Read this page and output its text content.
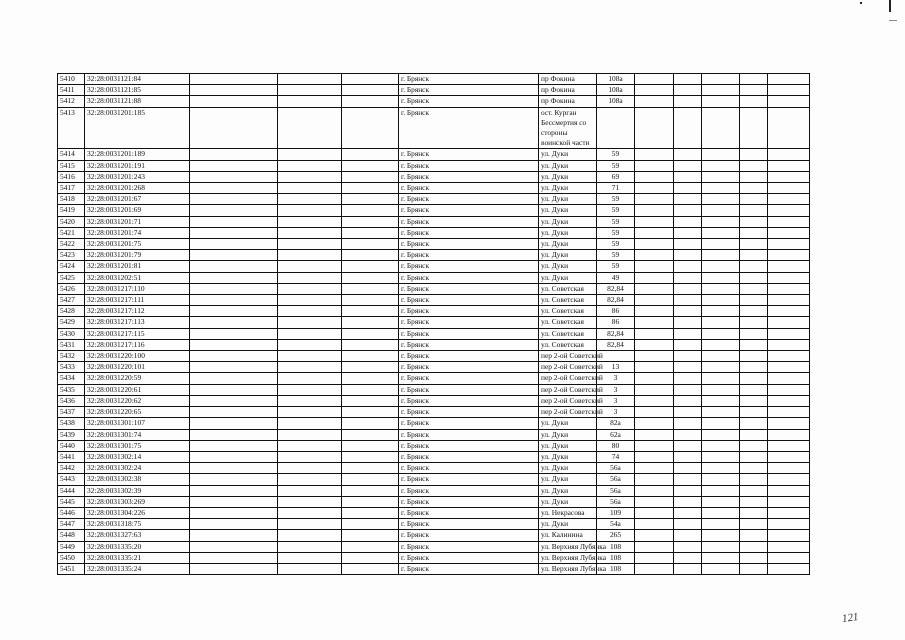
5410	32:28:0031121:84				г. Брянск	пр Фокина	108а					
5411	32:28:0031121:85				г. Брянск	пр Фокина	108а					
5412	32:28:0031121:88				г. Брянск	пр Фокина	108а					
5413	32:28:0031201:185				г. Брянск	ост. Курган Бессмертия со стороны воинской части						
5414	32:28:0031201:189				г. Брянск	ул. Дуки	59					
5415	32:28:0031201:191				г. Брянск	ул. Дуки	59					
5416	32:28:0031201:243				г. Брянск	ул. Дуки	69					
5417	32:28:0031201:268				г. Брянск	ул. Дуки	71					
5418	32:28:0031201:67				г. Брянск	ул. Дуки	59					
5419	32:28:0031201:69				г. Брянск	ул. Дуки	59					
5420	32:28:0031201:71				г. Брянск	ул. Дуки	59					
5421	32:28:0031201:74				г. Брянск	ул. Дуки	59					
5422	32:28:0031201:75				г. Брянск	ул. Дуки	59					
5423	32:28:0031201:79				г. Брянск	ул. Дуки	59					
5424	32:28:0031201:81				г. Брянск	ул. Дуки	59					
5425	32:28:0031202:51				г. Брянск	ул. Дуки	49					
5426	32:28:0031217:110				г. Брянск	ул. Советская	82,84					
5427	32:28:0031217:111				г. Брянск	ул. Советская	82,84					
5428	32:28:0031217:112				г. Брянск	ул. Советская	86					
5429	32:28:0031217:113				г. Брянск	ул. Советская	86					
5430	32:28:0031217:115				г. Брянск	ул. Советская	82,84					
5431	32:28:0031217:116				г. Брянск	ул. Советская	82,84					
5432	32:28:0031220:100				г. Брянск	пер 2-ой Советский						
5433	32:28:0031220:101				г. Брянск	пер 2-ой Советский	13					
5434	32:28:0031220:59				г. Брянск	пер 2-ой Советский	3					
5435	32:28:0031220:61				г. Брянск	пер 2-ой Советский	3					
5436	32:28:0031220:62				г. Брянск	пер 2-ой Советский	3					
5437	32:28:0031220:65				г. Брянск	пер 2-ой Советский	3					
5438	32:28:0031301:107				г. Брянск	ул. Дуки	82а					
5439	32:28:0031301:74				г. Брянск	ул. Дуки	62а					
5440	32:28:0031301:75				г. Брянск	ул. Дуки	80					
5441	32:28:0031302:14				г. Брянск	ул. Дуки	74					
5442	32:28:0031302:24				г. Брянск	ул. Дуки	56а					
5443	32:28:0031302:38				г. Брянск	ул. Дуки	56а					
5444	32:28:0031302:39				г. Брянск	ул. Дуки	56а					
5445	32:28:0031303:269				г. Брянск	ул. Дуки	56а					
5446	32:28:0031304:226				г. Брянск	ул. Некрасова	109					
5447	32:28:0031318:75				г. Брянск	ул. Дуки	54а					
5448	32:28:0031327:63				г. Брянск	ул. Калинина	265					
5449	32:28:0031335:20				г. Брянск	ул. Верхняя Лубянка	108					
5450	32:28:0031335:21				г. Брянск	ул. Верхняя Лубянка	108					
5451	32:28:0031335:24				г. Брянск	ул. Верхняя Лубянка	108					
121
